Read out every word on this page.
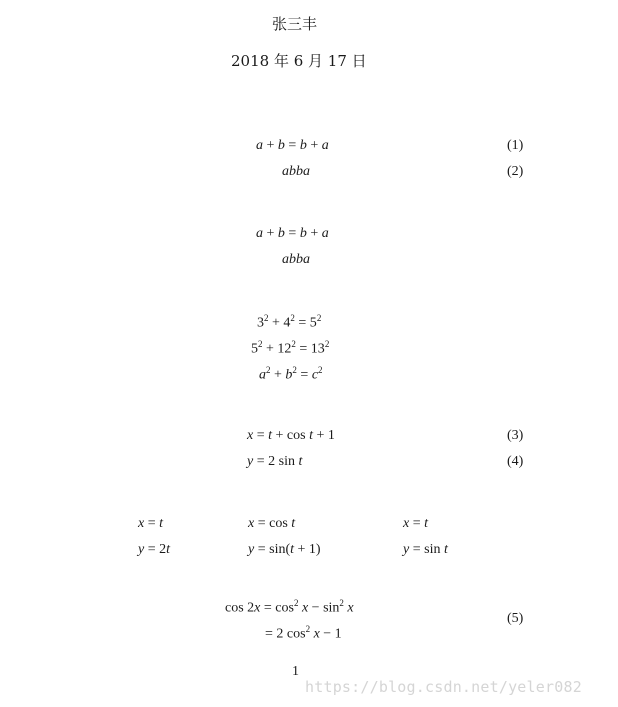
张三丰
2018 年 6 月 17 日
a + b = b + a	(1)
abba	(2)
a + b = b + a
abba
$3^2 + 4^2 = 5^2$
$5^2 + 12^2 = 13^2$
$a^2 + b^2 = c^2$
x = t + cos t + 1	(3)
y = 2 sin t	(4)
x = t	x = cos t	x = t
y = 2t	y = sin(t + 1)	y = sin t
$\cos 2x = \cos^2 x - \sin^2 x$
= 2 $\cos^2 x - 1$
(5)
1
https://blog.csdn.net/yeler082
